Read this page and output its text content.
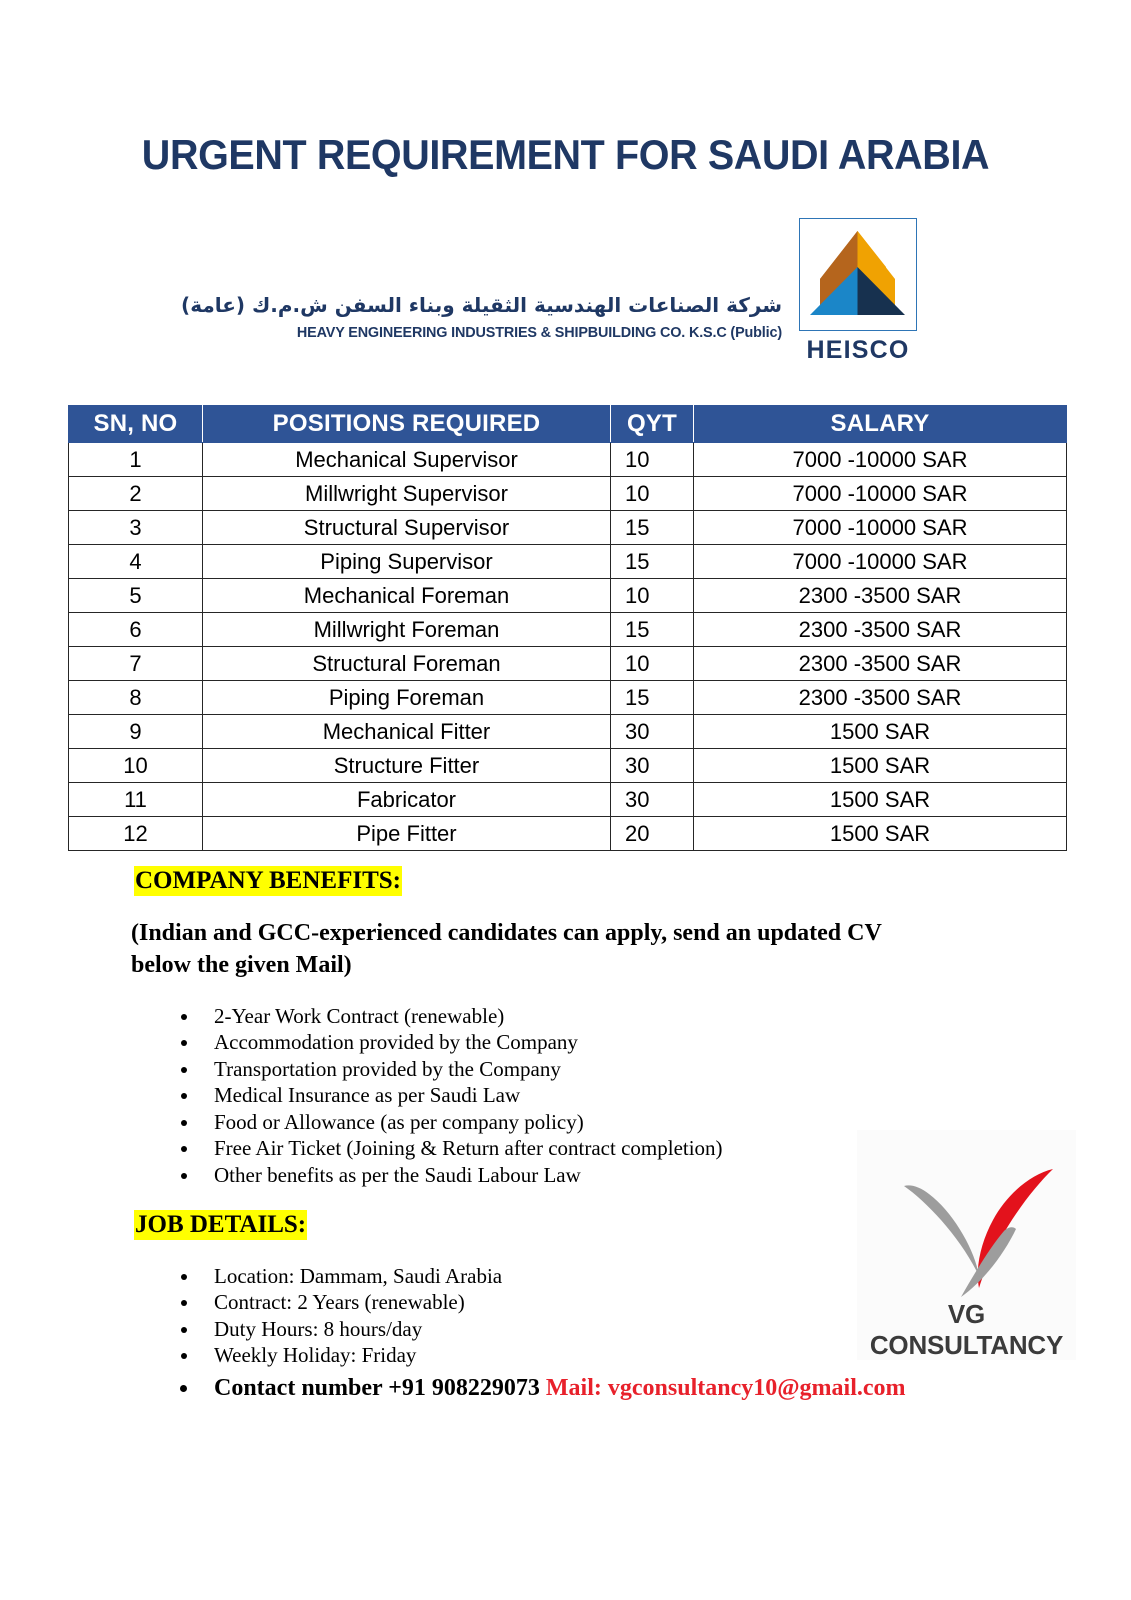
URGENT REQUIREMENT FOR SAUDI ARABIA
شركة الصناعات الهندسية الثقيلة وبناء السفن ش.م.ك (عامة)
HEAVY ENGINEERING INDUSTRIES & SHIPBUILDING CO. K.S.C (Public)
HEISCO
SN, NO	POSITIONS REQUIRED	QYT	SALARY
1	Mechanical Supervisor	10	7000 -10000 SAR
2	Millwright Supervisor	10	7000 -10000 SAR
3	Structural Supervisor	15	7000 -10000 SAR
4	Piping Supervisor	15	7000 -10000 SAR
5	Mechanical Foreman	10	2300 -3500 SAR
6	Millwright Foreman	15	2300 -3500 SAR
7	Structural Foreman	10	2300 -3500 SAR
8	Piping Foreman	15	2300 -3500 SAR
9	Mechanical Fitter	30	1500 SAR
10	Structure Fitter	30	1500 SAR
11	Fabricator	30	1500 SAR
12	Pipe Fitter	20	1500 SAR
COMPANY BENEFITS:
(Indian and GCC-experienced candidates can apply, send an updated CV below the given Mail)
• 2-Year Work Contract (renewable)
• Accommodation provided by the Company
• Transportation provided by the Company
• Medical Insurance as per Saudi Law
• Food or Allowance (as per company policy)
• Free Air Ticket (Joining & Return after contract completion)
• Other benefits as per the Saudi Labour Law
JOB DETAILS:
• Location: Dammam, Saudi Arabia
• Contract: 2 Years (renewable)
• Duty Hours: 8 hours/day
• Weekly Holiday: Friday
• Contact number +91 908229073 Mail: vgconsultancy10@gmail.com
VG CONSULTANCY
